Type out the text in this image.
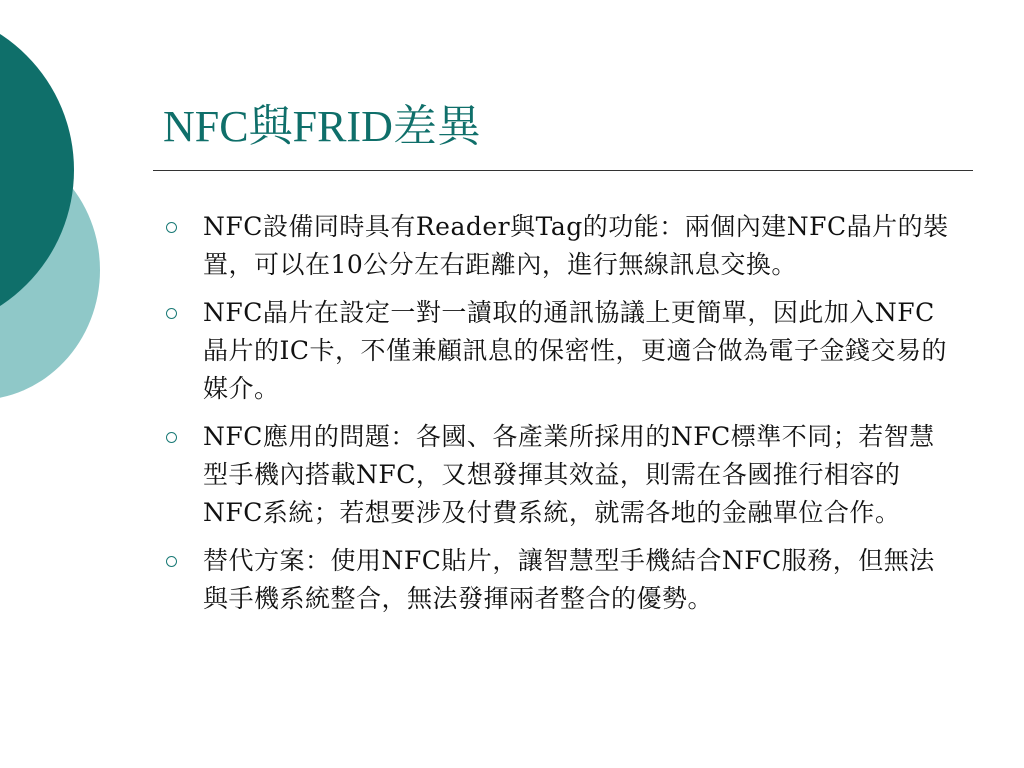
NFC與FRID差異
NFC設備同時具有Reader與Tag的功能：兩個內建NFC晶片的裝置，可以在10公分左右距離內，進行無線訊息交換。
NFC晶片在設定一對一讀取的通訊協議上更簡單，因此加入NFC晶片的IC卡，不僅兼顧訊息的保密性，更適合做為電子金錢交易的媒介。
NFC應用的問題：各國、各產業所採用的NFC標準不同；若智慧型手機內搭載NFC，又想發揮其效益，則需在各國推行相容的NFC系統；若想要涉及付費系統，就需各地的金融單位合作。
替代方案：使用NFC貼片，讓智慧型手機結合NFC服務，但無法與手機系統整合，無法發揮兩者整合的優勢。
